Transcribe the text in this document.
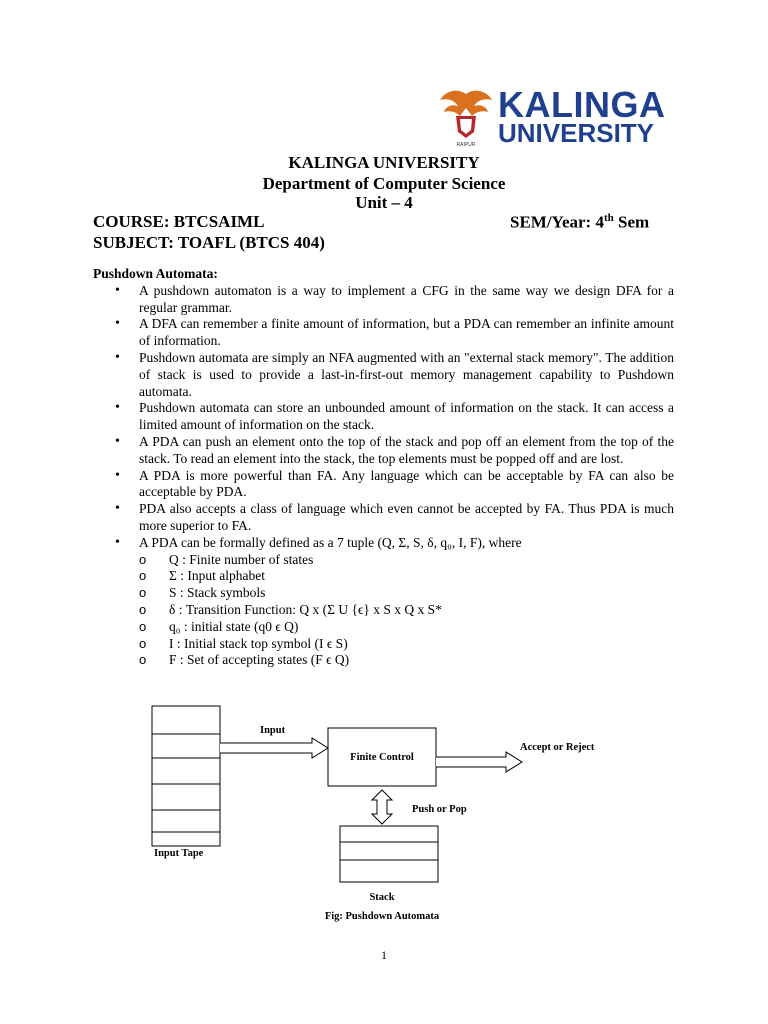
RAIPUR
KALINGA
UNIVERSITY
KALINGA UNIVERSITY
Department of Computer Science
Unit – 4
COURSE: BTCSAIML	SEM/Year: 4th Sem
SUBJECT: TOAFL (BTCS 404)
Pushdown Automata:
• A pushdown automaton is a way to implement a CFG in the same way we design DFA for a regular grammar.
• A DFA can remember a finite amount of information, but a PDA can remember an infinite amount of information.
• Pushdown automata are simply an NFA augmented with an "external stack memory". The addition of stack is used to provide a last-in-first-out memory management capability to Pushdown automata.
• Pushdown automata can store an unbounded amount of information on the stack. It can access a limited amount of information on the stack.
• A PDA can push an element onto the top of the stack and pop off an element from the top of the stack. To read an element into the stack, the top elements must be popped off and are lost.
• A PDA is more powerful than FA. Any language which can be acceptable by FA can also be acceptable by PDA.
• PDA also accepts a class of language which even cannot be accepted by FA. Thus PDA is much more superior to FA.
• A PDA can be formally defined as a 7 tuple (Q, Σ, S, δ, q₀, I, F), where
o Q : Finite number of states
o Σ : Input alphabet
o S : Stack symbols
o δ : Transition Function: Q x (Σ U {ϵ} x S x Q x S*
o q₀ : initial state (q0 ϵ Q)
o I : Initial stack top symbol (I ϵ S)
o F : Set of accepting states (F ϵ Q)
Input
Finite Control
Accept or Reject
Push or Pop
Input Tape
Stack
Fig: Pushdown Automata
1
